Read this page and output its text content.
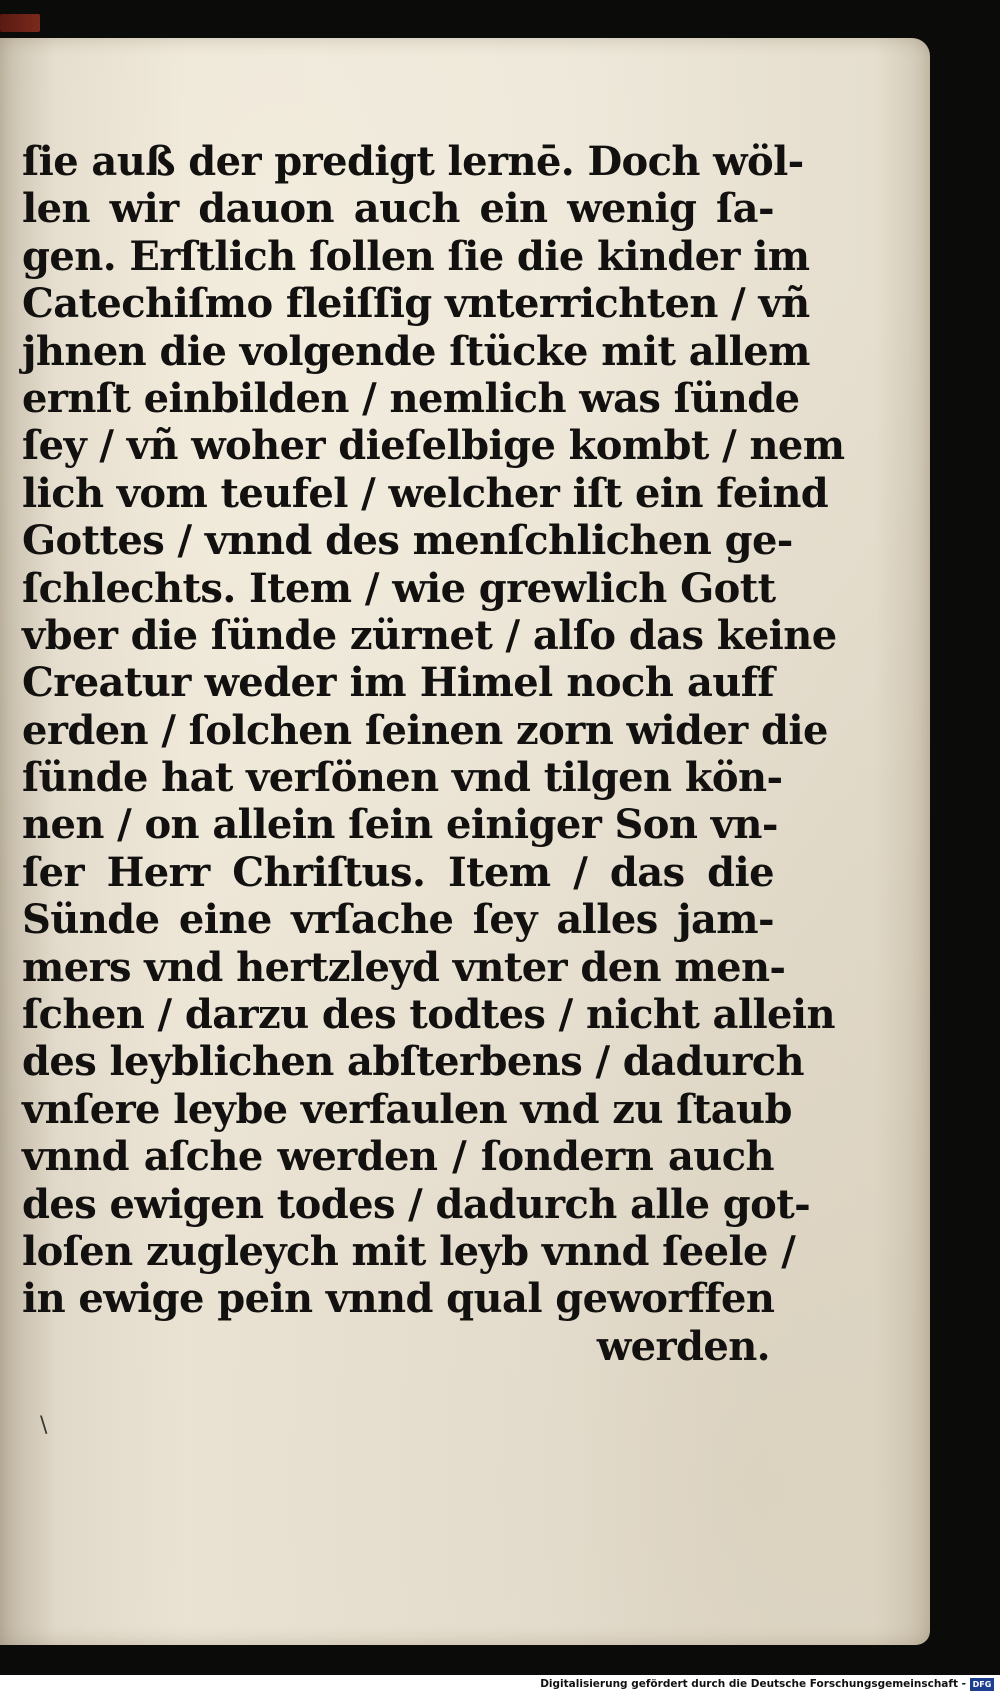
ſie auß der predigt lernē. Doch wöl-
len wir dauon auch ein wenig ſa-
gen. Erſtlich ſollen ſie die kinder im
Catechiſmo fleiſſig vnterrichten / vñ
jhnen die volgende ſtücke mit allem
ernſt einbilden / nemlich was ſünde
ſey / vñ woher dieſelbige kombt / nem
lich vom teufel / welcher iſt ein feind
Gottes / vnnd des menſchlichen ge-
ſchlechts. Item / wie grewlich Gott
vber die ſünde zürnet / alſo das keine
Creatur weder im Himel noch auff
erden / ſolchen ſeinen zorn wider die
ſünde hat verſönen vnd tilgen kön-
nen / on allein ſein einiger Son vn-
ſer Herr Chriſtus. Item / das die
Sünde eine vrſache ſey alles jam-
mers vnd hertzleyd vnter den men-
ſchen / darzu des todtes / nicht allein
des leyblichen abſterbens / dadurch
vnſere leybe verfaulen vnd zu ſtaub
vnnd aſche werden / ſondern auch
des ewigen todes / dadurch alle got-
loſen zugleych mit leyb vnnd ſeele /
in ewige pein vnnd qual geworffen
werden.
\
Digitalisierung gefördert durch die Deutsche Forschungsgemeinschaft - DFG
